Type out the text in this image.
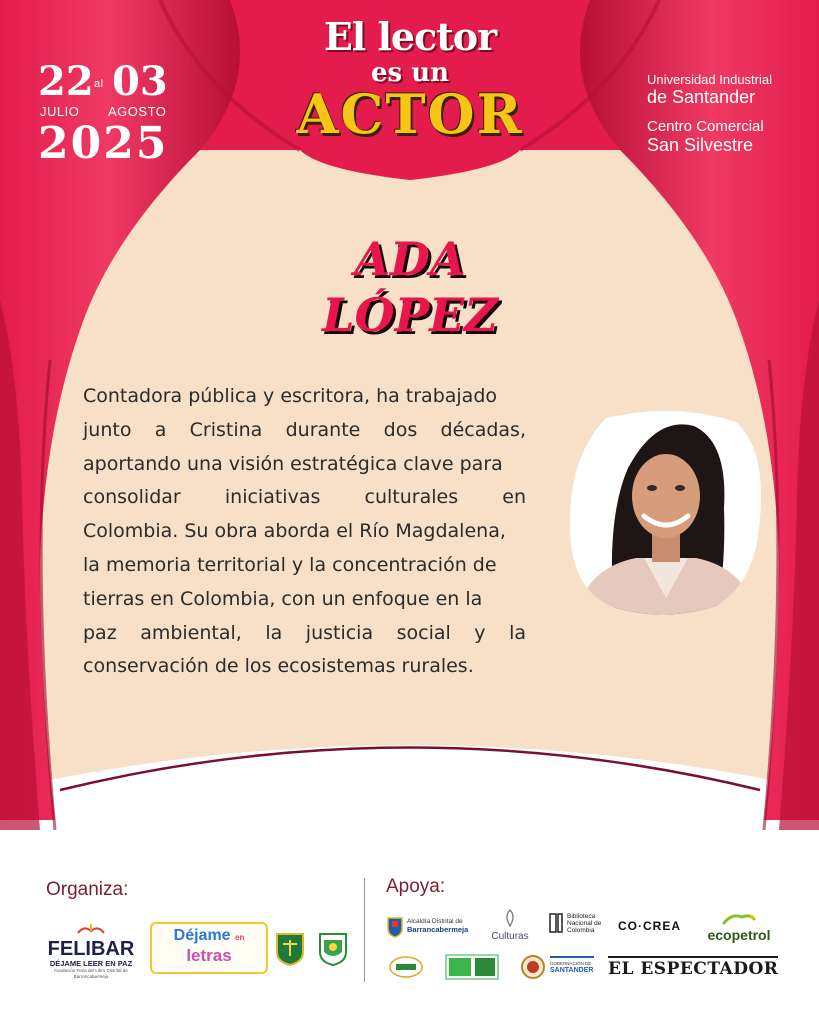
El lector
es un
ACTOR
22 al 03
JULIO AGOSTO
2025
Universidad Industrial
de Santander
Centro Comercial
San Silvestre
ADA
LÓPEZ
Contadora pública y escritora, ha trabajado
junto a Cristina durante dos décadas,
aportando una visión estratégica clave para
consolidar iniciativas culturales en
Colombia. Su obra aborda el Río Magdalena,
la memoria territorial y la concentración de
tierras en Colombia, con un enfoque en la
paz ambiental, la justicia social y la
conservación de los ecosistemas rurales.
Organiza:	Apoya:
FELIBAR
DÉJAME LEER EN PAZ
Fundación Feria del Libro Distrital de Barrancabermeja
Déjame en
letras
Alcaldía Distrital de
Barrancabermeja
Culturas
Biblioteca
Nacional de
Colombia	CO·CREA
ecopetrol
GOBERNACIÓN DE
SANTANDER EL ESPECTADOR
